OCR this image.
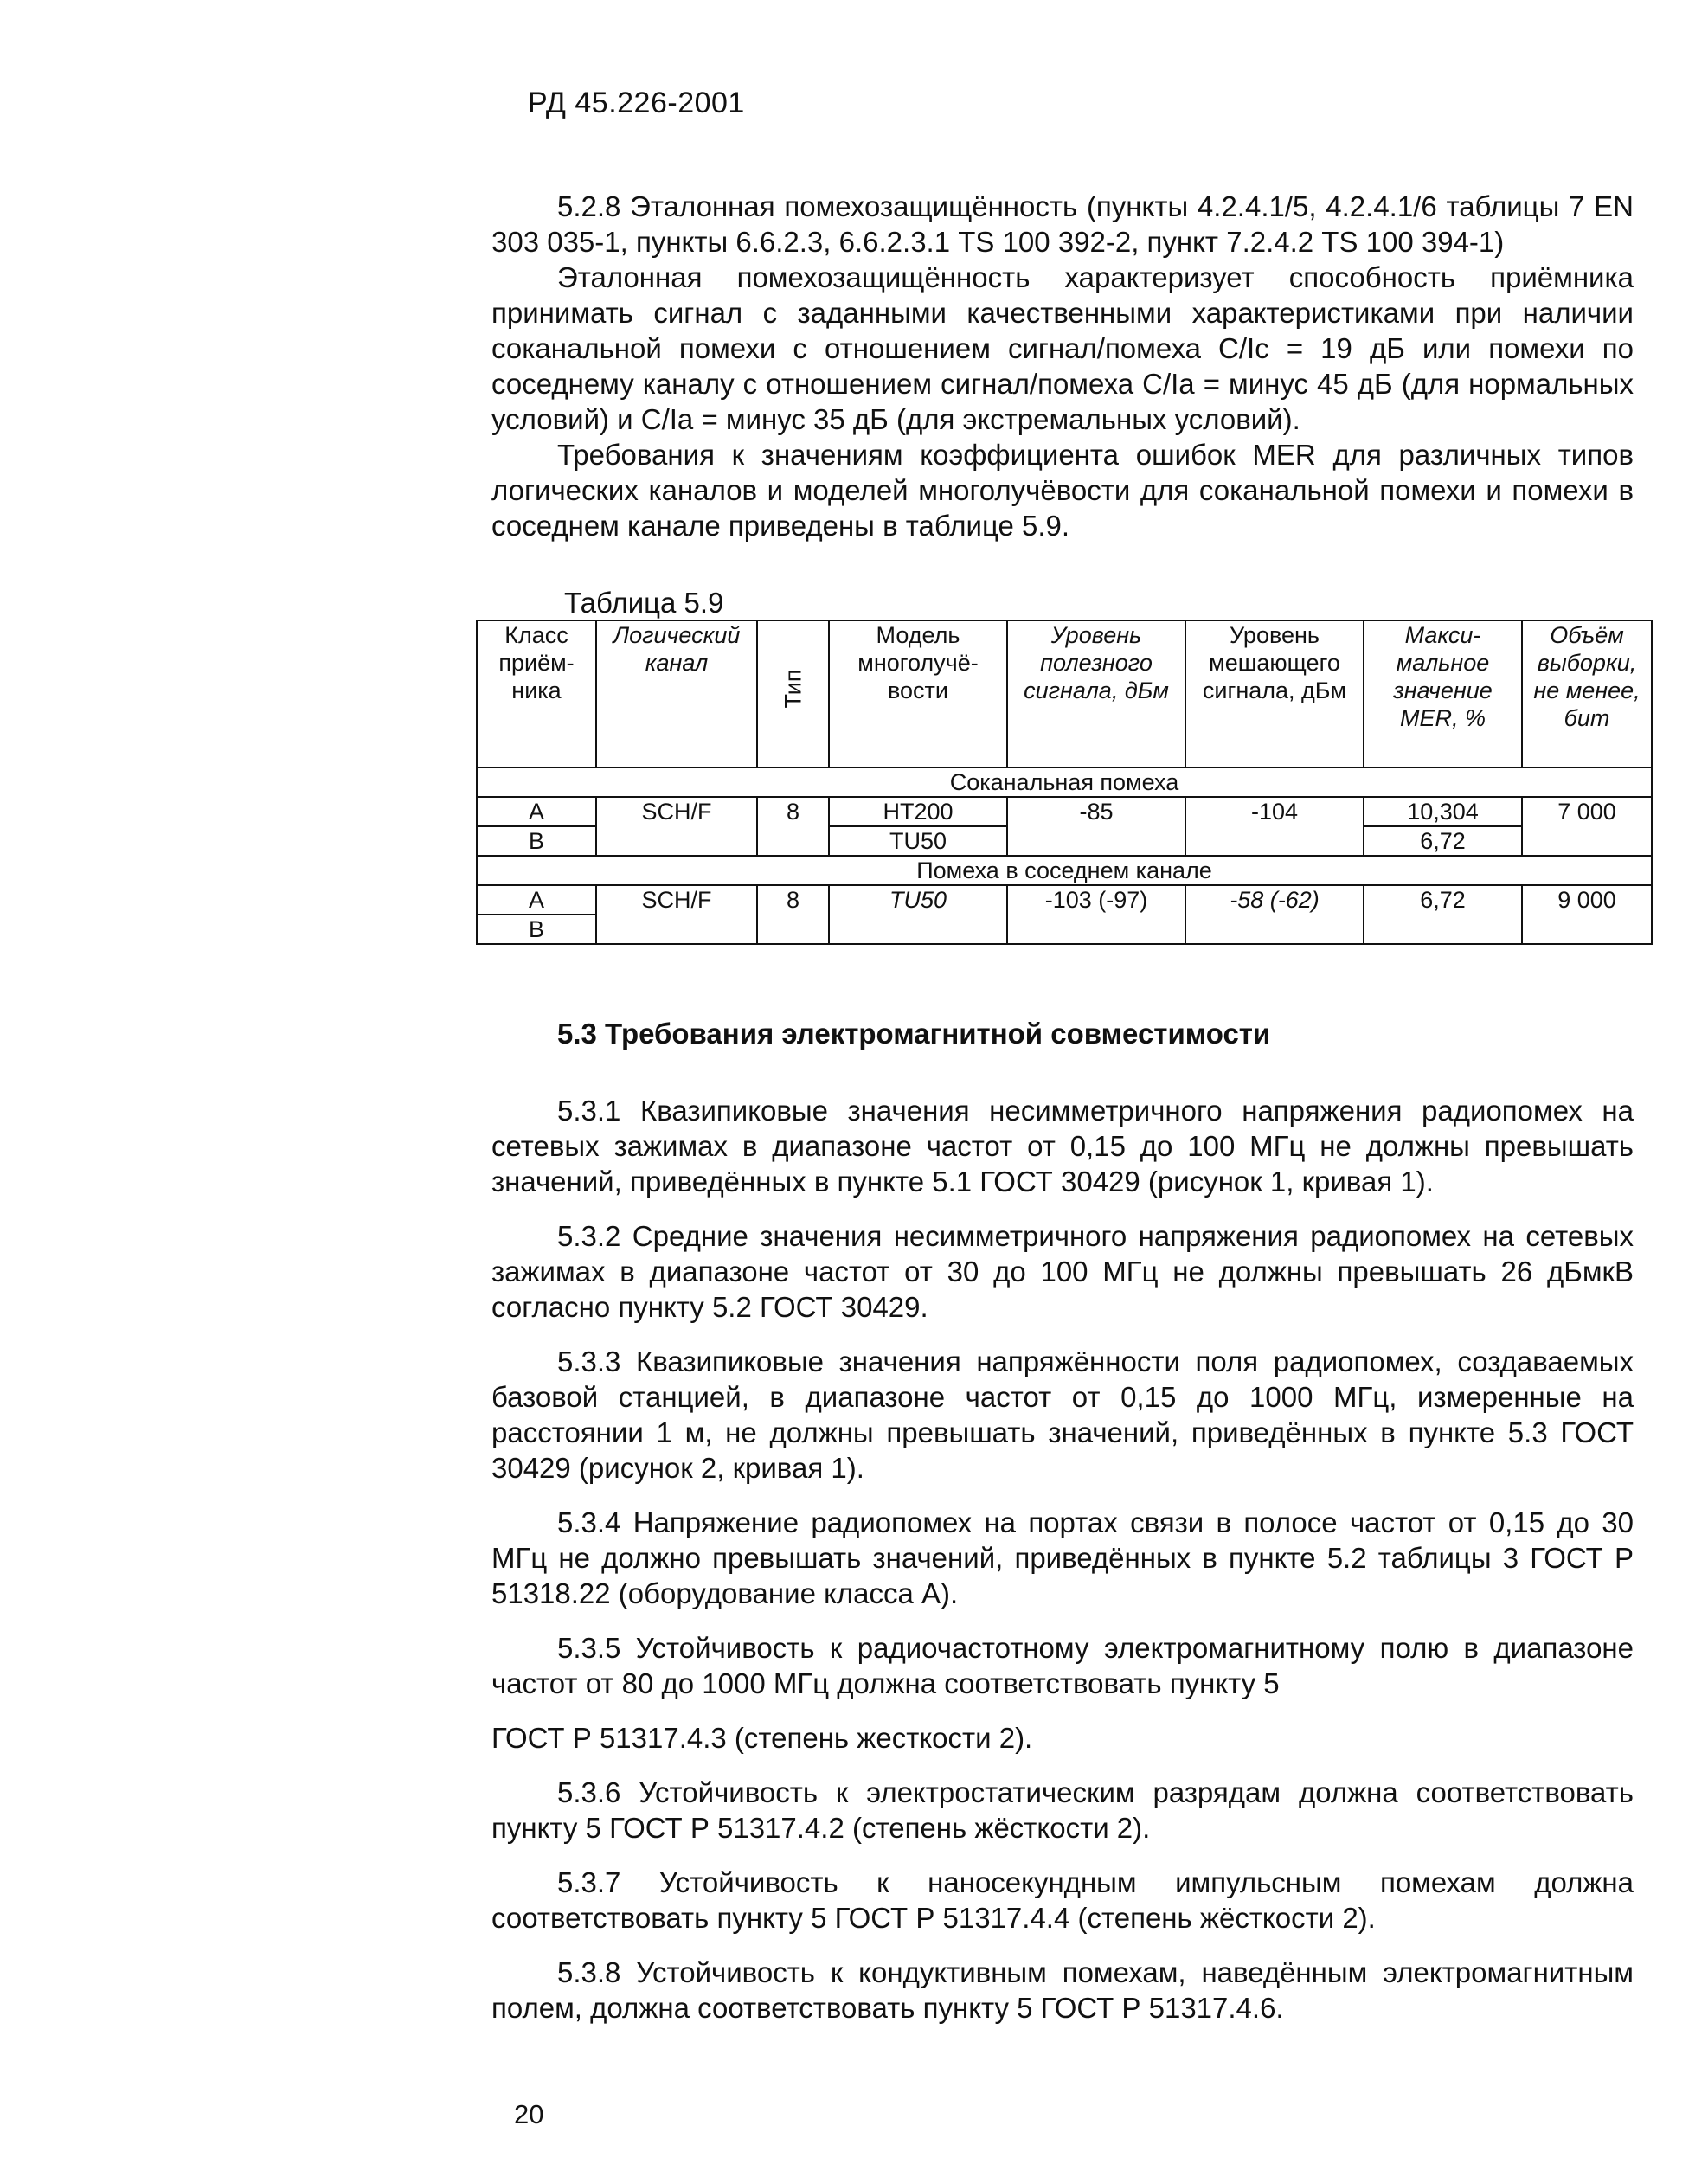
РД 45.226-2001

5.2.8 Эталонная помехозащищённость (пункты 4.2.4.1/5, 4.2.4.1/6 таблицы 7 EN 303 035-1, пункты 6.6.2.3, 6.6.2.3.1 TS 100 392-2, пункт 7.2.4.2 TS 100 394-1)

Эталонная помехозащищённость характеризует способность приёмника принимать сигнал с заданными качественными характеристиками при наличии соканальной помехи с отношением сигнал/помеха C/Ic = 19 дБ или помехи по соседнему каналу с отношением сигнал/помеха C/Ia = минус 45 дБ (для нормальных условий) и C/Ia = минус 35 дБ (для экстремальных условий).

Требования к значениям коэффициента ошибок MER для различных типов логических каналов и моделей многолучёвости для соканальной помехи и помехи в соседнем канале приведены в таблице 5.9.

Таблица 5.9
Класс приём-ника	Логический канал	Тип	Модель многолучё-вости	Уровень полезного сигнала, дБм	Уровень мешающего сигнала, дБм	Макси-мальное значение MER, %	Объём выборки, не менее, бит
Соканальная помеха							
A	SCH/F	8	HT200	-85	-104	10,304	7 000
B			TU50			6,72	
Помеха в соседнем канале							
A	SCH/F	8	TU50	-103 (-97)	-58 (-62)	6,72	9 000
B							
5.3 Требования электромагнитной совместимости

5.3.1 Квазипиковые значения несимметричного напряжения радиопомех на сетевых зажимах в диапазоне частот от 0,15 до 100 МГц не должны превышать значений, приведённых в пункте 5.1 ГОСТ 30429 (рисунок 1, кривая 1).

5.3.2 Средние значения несимметричного напряжения радиопомех на сетевых зажимах в диапазоне частот от 30 до 100 МГц не должны превышать 26 дБмкВ согласно пункту 5.2 ГОСТ 30429.

5.3.3 Квазипиковые значения напряжённости поля радиопомех, создаваемых базовой станцией, в диапазоне частот от 0,15 до 1000 МГц, измеренные на расстоянии 1 м, не должны превышать значений, приведённых в пункте 5.3 ГОСТ 30429 (рисунок 2, кривая 1).

5.3.4 Напряжение радиопомех на портах связи в полосе частот от 0,15 до 30 МГц не должно превышать значений, приведённых в пункте 5.2 таблицы 3 ГОСТ Р 51318.22 (оборудование класса А).

5.3.5 Устойчивость к радиочастотному электромагнитному полю в диапазоне частот от 80 до 1000 МГц должна соответствовать пункту 5

ГОСТ Р 51317.4.3 (степень жесткости 2).

5.3.6 Устойчивость к электростатическим разрядам должна соответствовать пункту 5 ГОСТ Р 51317.4.2 (степень жёсткости 2).

5.3.7 Устойчивость к наносекундным импульсным помехам должна соответствовать пункту 5 ГОСТ Р 51317.4.4 (степень жёсткости 2).

5.3.8 Устойчивость к кондуктивным помехам, наведённым электромагнитным полем, должна соответствовать пункту 5 ГОСТ Р 51317.4.6.

20
